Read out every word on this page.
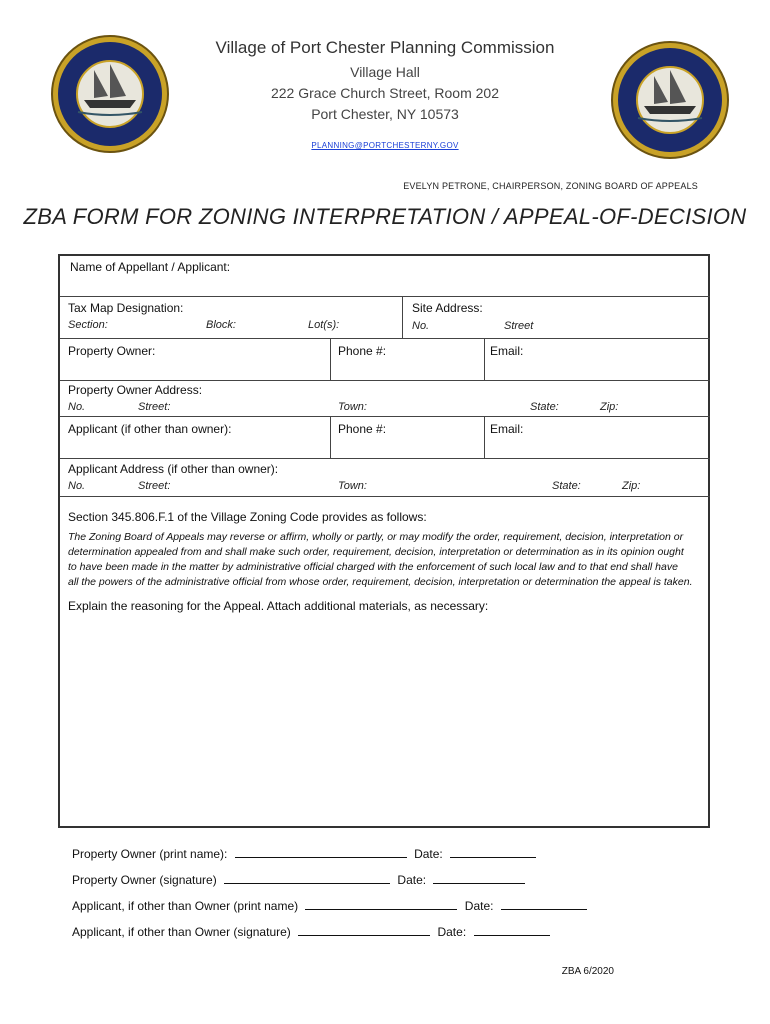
Village of Port Chester Planning Commission
Village Hall
222 Grace Church Street, Room 202
Port Chester, NY 10573
PLANNING@PORTCHESTERNY.GOV
EVELYN PETRONE, CHAIRPERSON, ZONING BOARD OF APPEALS
ZBA FORM FOR ZONING INTERPRETATION / APPEAL-OF-DECISION
Name of Appellant / Applicant:
Tax Map Designation:
Section:	Block:	Lot(s):
Site Address:
No.	Street
Property Owner:	Phone #:	Email:
Property Owner Address:
No.	Street:	Town:	State:	Zip:
Applicant (if other than owner):	Phone #:	Email:
Applicant Address (if other than owner):
No.	Street:	Town:	State:	Zip:
Section 345.806.F.1 of the Village Zoning Code provides as follows:
The Zoning Board of Appeals may reverse or affirm, wholly or partly, or may modify the order, requirement, decision, interpretation or
determination appealed from and shall make such order, requirement, decision, interpretation or determination as in its opinion ought
to have been made in the matter by administrative official charged with the enforcement of such local law and to that end shall have
all the powers of the administrative official from whose order, requirement, decision, interpretation or determination the appeal is taken.
Explain the reasoning for the Appeal. Attach additional materials, as necessary:
Property Owner (print name):	Date:
Property Owner (signature)	Date:
Applicant, if other than Owner (print name)	Date:
Applicant, if other than Owner (signature)	Date:
ZBA 6/2020
